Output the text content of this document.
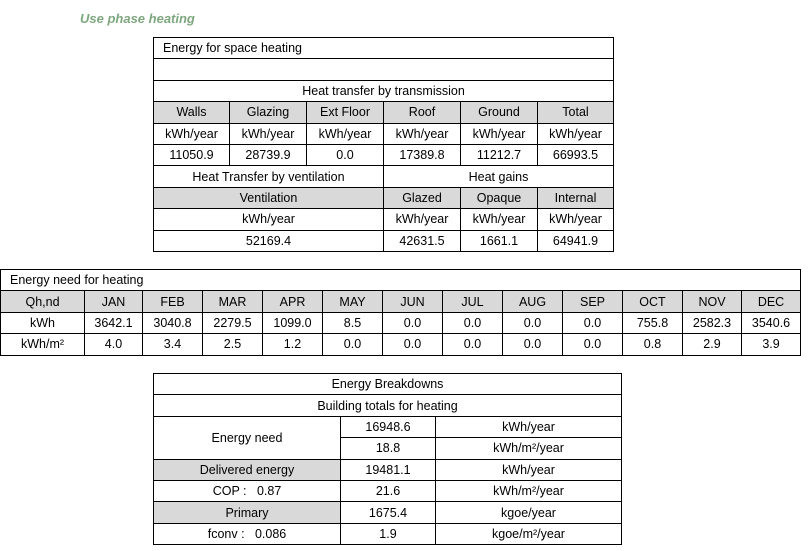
Use phase heating
Energy for space heating					

Heat transfer by transmission					
Walls	Glazing	Ext Floor	Roof	Ground	Total
kWh/year	kWh/year	kWh/year	kWh/year	kWh/year	kWh/year
11050.9	28739.9	0.0	17389.8	11212.7	66993.5
Heat Transfer by ventilation			Heat gains		
Ventilation			Glazed	Opaque	Internal
kWh/year			kWh/year	kWh/year	kWh/year
52169.4			42631.5	1661.1	64941.9
Energy need for heating												
Qh,nd	JAN	FEB	MAR	APR	MAY	JUN	JUL	AUG	SEP	OCT	NOV	DEC
kWh	3642.1	3040.8	2279.5	1099.0	8.5	0.0	0.0	0.0	0.0	755.8	2582.3	3540.6
kWh/m²	4.0	3.4	2.5	1.2	0.0	0.0	0.0	0.0	0.0	0.8	2.9	3.9
Energy Breakdowns		
Building totals for heating		
Energy need	16948.6	kWh/year
	18.8	kWh/m²/year
Delivered energy	19481.1	kWh/year
COP :   0.87	21.6	kWh/m²/year
Primary	1675.4	kgoe/year
fconv :   0.086	1.9	kgoe/m²/year
